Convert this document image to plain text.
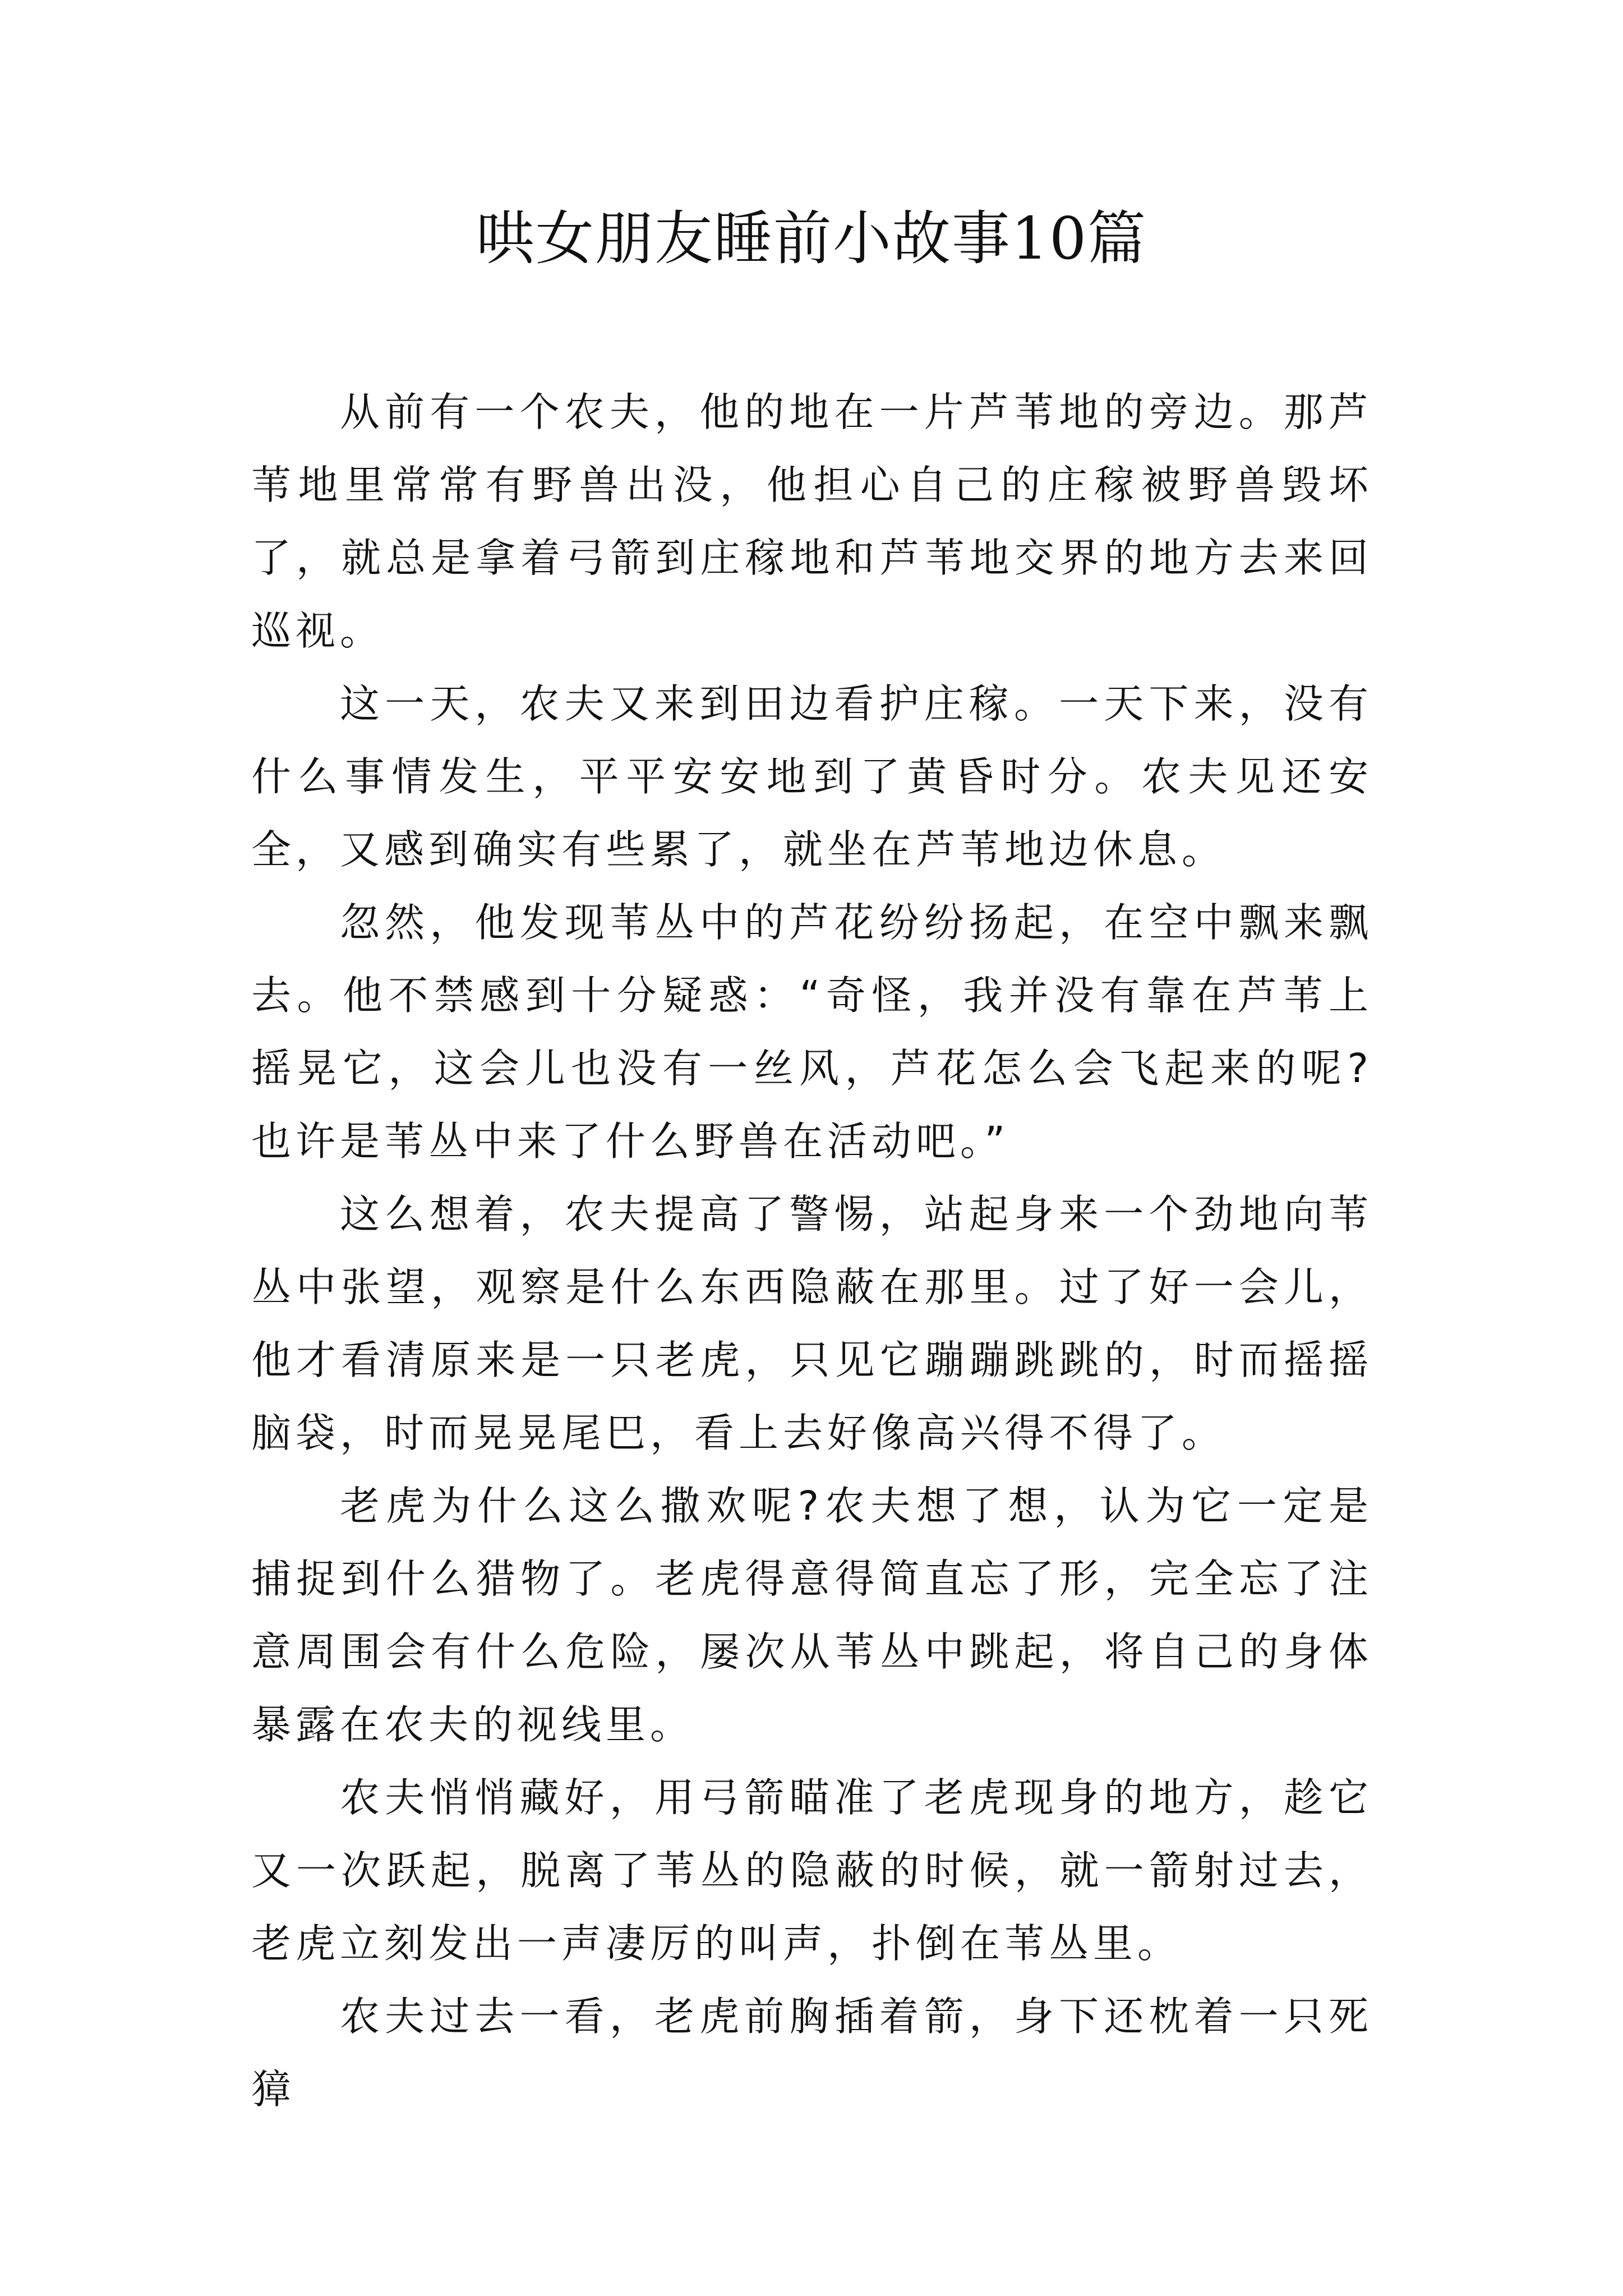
哄女朋友睡前小故事10篇

从前有一个农夫，他的地在一片芦苇地的旁边。那芦苇地里常常有野兽出没，他担心自己的庄稼被野兽毁坏了，就总是拿着弓箭到庄稼地和芦苇地交界的地方去来回巡视。

这一天，农夫又来到田边看护庄稼。一天下来，没有什么事情发生，平平安安地到了黄昏时分。农夫见还安全，又感到确实有些累了，就坐在芦苇地边休息。

忽然，他发现苇丛中的芦花纷纷扬起，在空中飘来飘去。他不禁感到十分疑惑：“奇怪，我并没有靠在芦苇上摇晃它，这会儿也没有一丝风，芦花怎么会飞起来的呢?也许是苇丛中来了什么野兽在活动吧。”

这么想着，农夫提高了警惕，站起身来一个劲地向苇丛中张望，观察是什么东西隐蔽在那里。过了好一会儿，他才看清原来是一只老虎，只见它蹦蹦跳跳的，时而摇摇脑袋，时而晃晃尾巴，看上去好像高兴得不得了。

老虎为什么这么撒欢呢?农夫想了想，认为它一定是捕捉到什么猎物了。老虎得意得简直忘了形，完全忘了注意周围会有什么危险，屡次从苇丛中跳起，将自己的身体暴露在农夫的视线里。

农夫悄悄藏好，用弓箭瞄准了老虎现身的地方，趁它又一次跃起，脱离了苇丛的隐蔽的时候，就一箭射过去，老虎立刻发出一声凄厉的叫声，扑倒在苇丛里。

农夫过去一看，老虎前胸插着箭，身下还枕着一只死獐
